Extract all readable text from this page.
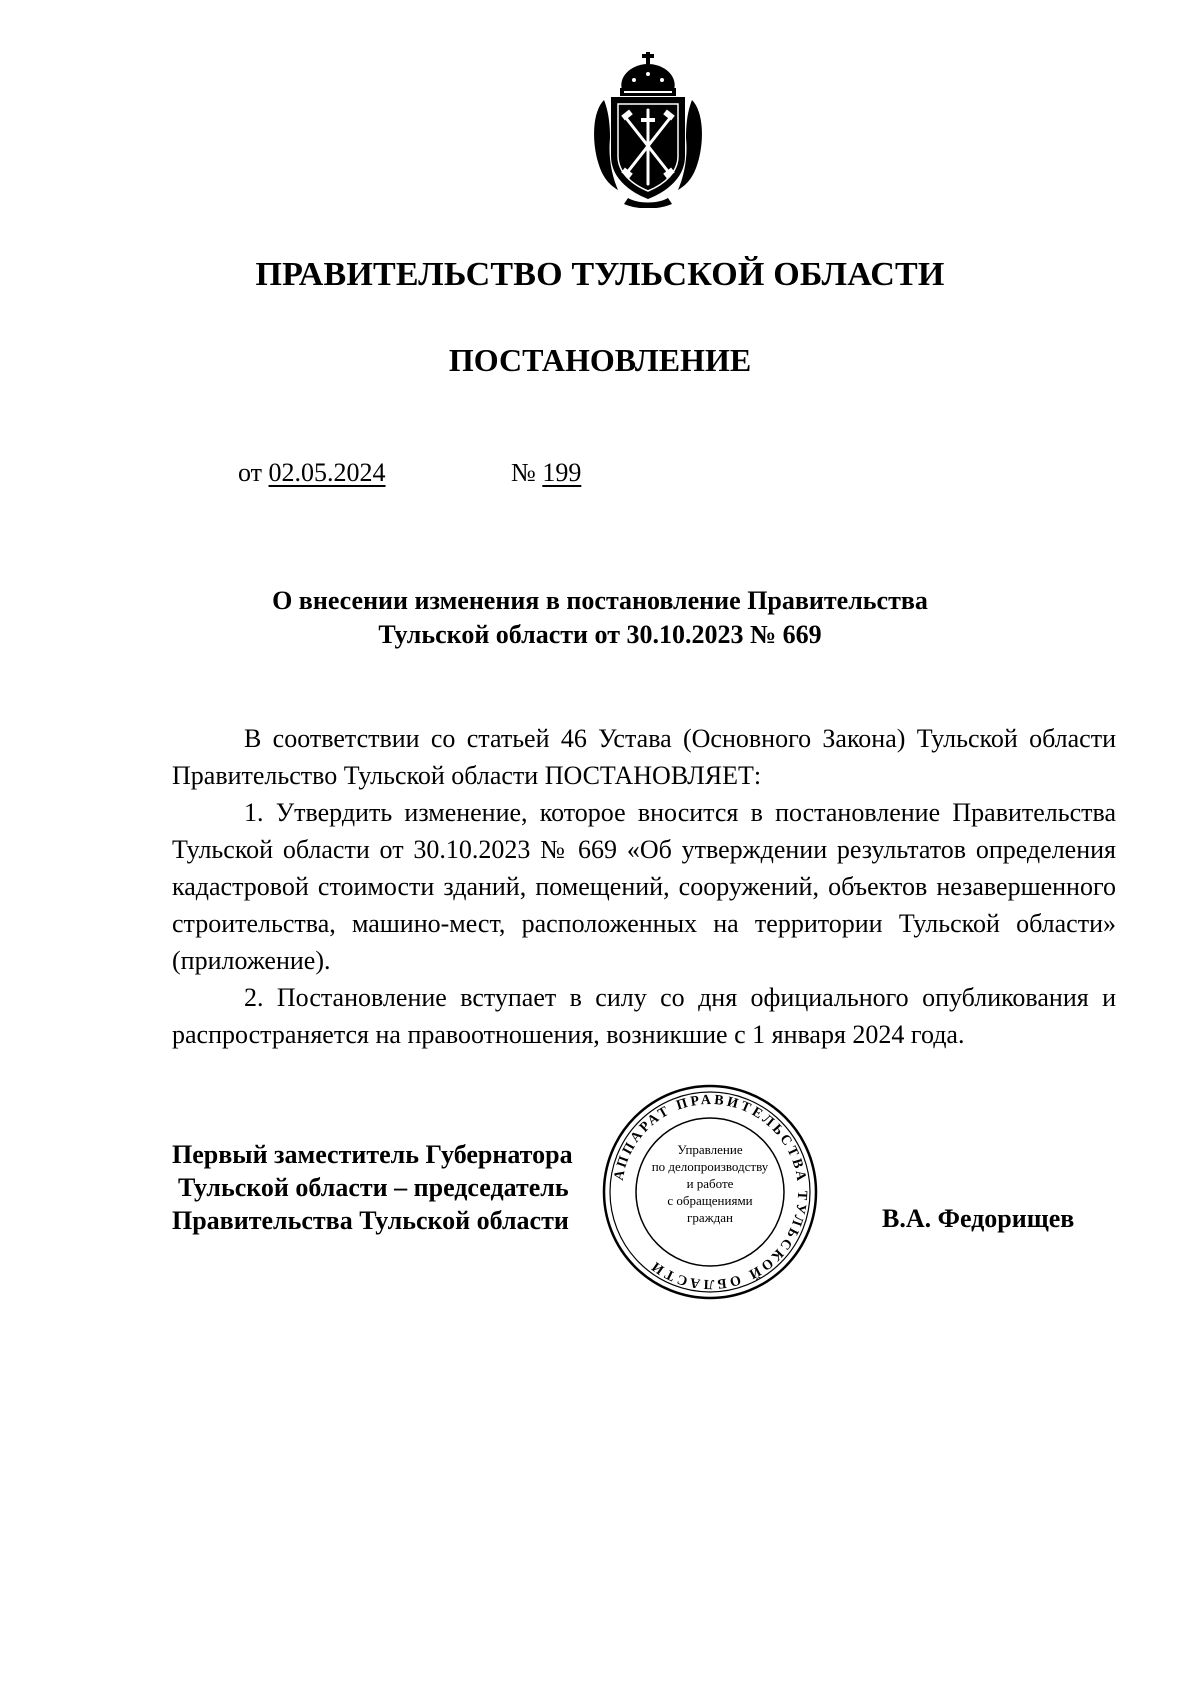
ПРАВИТЕЛЬСТВО ТУЛЬСКОЙ ОБЛАСТИ
ПОСТАНОВЛЕНИЕ
от 02.05.2024	№ 199
О внесении изменения в постановление Правительства
Тульской области от 30.10.2023 № 669

В соответствии со статьей 46 Устава (Основного Закона) Тульской области Правительство Тульской области ПОСТАНОВЛЯЕТ:

1. Утвердить изменение, которое вносится в постановление Правительства Тульской области от 30.10.2023 № 669 «Об утверждении результатов определения кадастровой стоимости зданий, помещений, сооружений, объектов незавершенного строительства, машино-мест, расположенных на территории Тульской области» (приложение).

2. Постановление вступает в силу со дня официального опубликования и распространяется на правоотношения, возникшие с 1 января 2024 года.

АППАРАТ ПРАВИТЕЛЬСТВА ТУЛЬСКОЙ ОБЛАСТИ
Управление
по делопроизводству
и работе
с обращениями
граждан
Первый заместитель Губернатора
Тульской области – председатель
Правительства Тульской области	В.А. Федорищев
